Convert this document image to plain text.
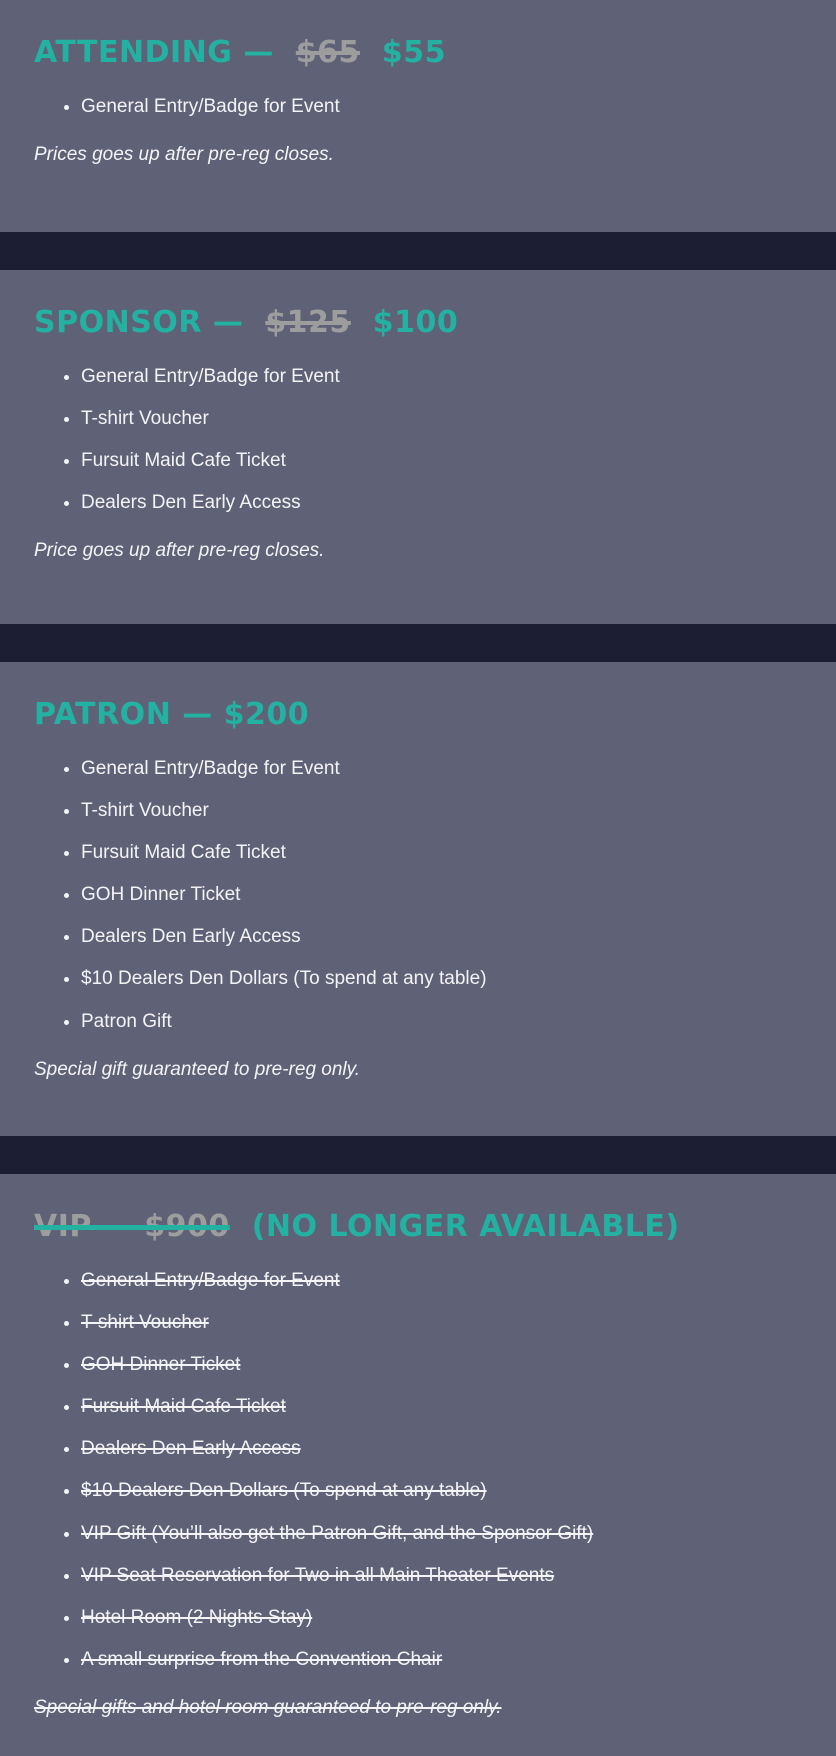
ATTENDING — $65 $55
• General Entry/Badge for Event

Prices goes up after pre-reg closes.

SPONSOR — $125 $100
• General Entry/Badge for Event
• T-shirt Voucher
• Fursuit Maid Cafe Ticket
• Dealers Den Early Access

Price goes up after pre-reg closes.

PATRON — $200
• General Entry/Badge for Event
• T-shirt Voucher
• Fursuit Maid Cafe Ticket
• GOH Dinner Ticket
• Dealers Den Early Access
• $10 Dealers Den Dollars (To spend at any table)
• Patron Gift

Special gift guaranteed to pre-reg only.

VIP — $900 (NO LONGER AVAILABLE)
• General Entry/Badge for Event
• T-shirt Voucher
• GOH Dinner Ticket
• Fursuit Maid Cafe Ticket
• Dealers Den Early Access
• $10 Dealers Den Dollars (To spend at any table)
• VIP Gift (You’ll also get the Patron Gift, and the Sponsor Gift)
• VIP Seat Reservation for Two in all Main Theater Events
• Hotel Room (2 Nights Stay)
• A small surprise from the Convention Chair

Special gifts and hotel room guaranteed to pre-reg only.
